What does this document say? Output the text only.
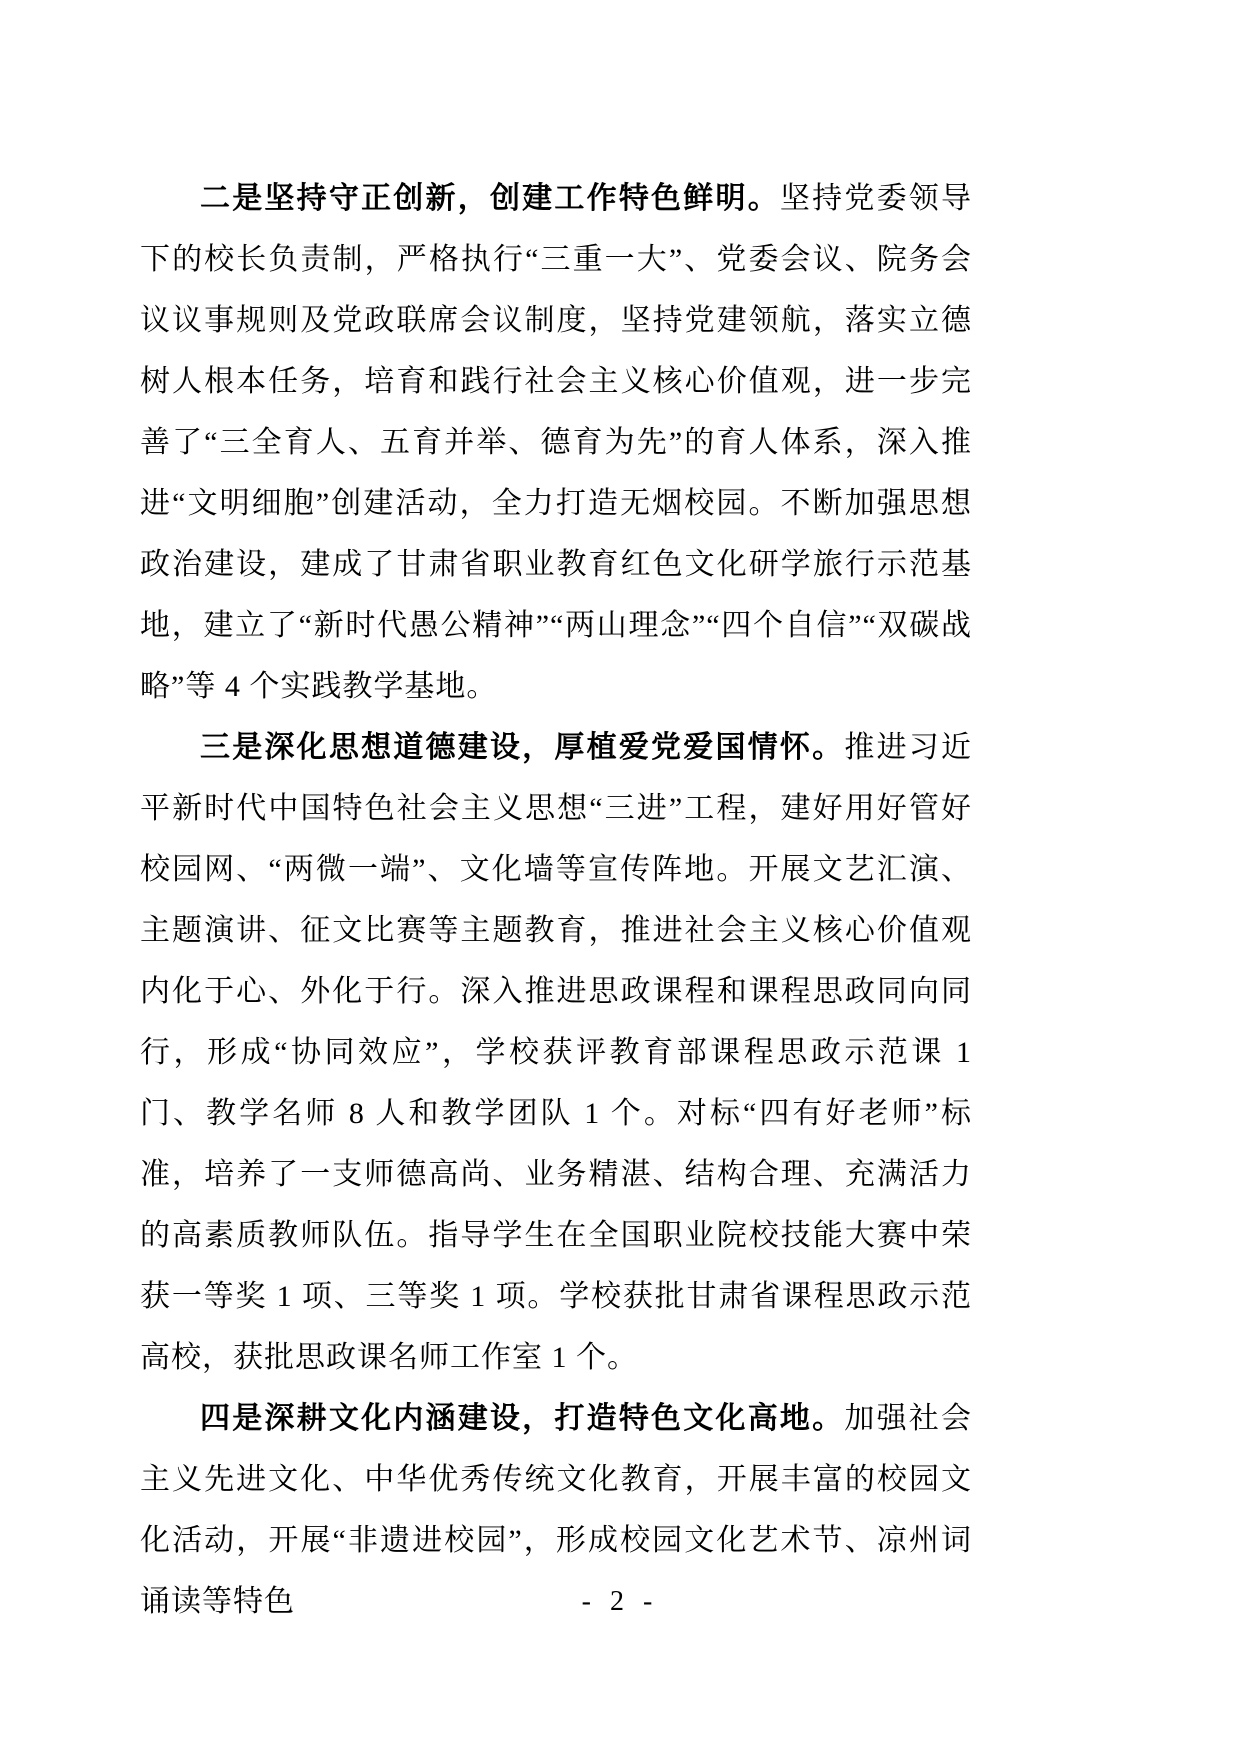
二是坚持守正创新，创建工作特色鲜明。坚持党委领导下的校长负责制，严格执行“三重一大”、党委会议、院务会议议事规则及党政联席会议制度，坚持党建领航，落实立德树人根本任务，培育和践行社会主义核心价值观，进一步完善了“三全育人、五育并举、德育为先”的育人体系，深入推进“文明细胞”创建活动，全力打造无烟校园。不断加强思想政治建设，建成了甘肃省职业教育红色文化研学旅行示范基地，建立了“新时代愚公精神”“两山理念”“四个自信”“双碳战略”等 4 个实践教学基地。

三是深化思想道德建设，厚植爱党爱国情怀。推进习近平新时代中国特色社会主义思想“三进”工程，建好用好管好校园网、“两微一端”、文化墙等宣传阵地。开展文艺汇演、主题演讲、征文比赛等主题教育，推进社会主义核心价值观内化于心、外化于行。深入推进思政课程和课程思政同向同行，形成“协同效应”，学校获评教育部课程思政示范课 1 门、教学名师 8 人和教学团队 1 个。对标“四有好老师”标准，培养了一支师德高尚、业务精湛、结构合理、充满活力的高素质教师队伍。指导学生在全国职业院校技能大赛中荣获一等奖 1 项、三等奖 1 项。学校获批甘肃省课程思政示范高校，获批思政课名师工作室 1 个。

四是深耕文化内涵建设，打造特色文化高地。加强社会主义先进文化、中华优秀传统文化教育，开展丰富的校园文化活动，开展“非遗进校园”，形成校园文化艺术节、凉州词诵读等特色	- 2 -
